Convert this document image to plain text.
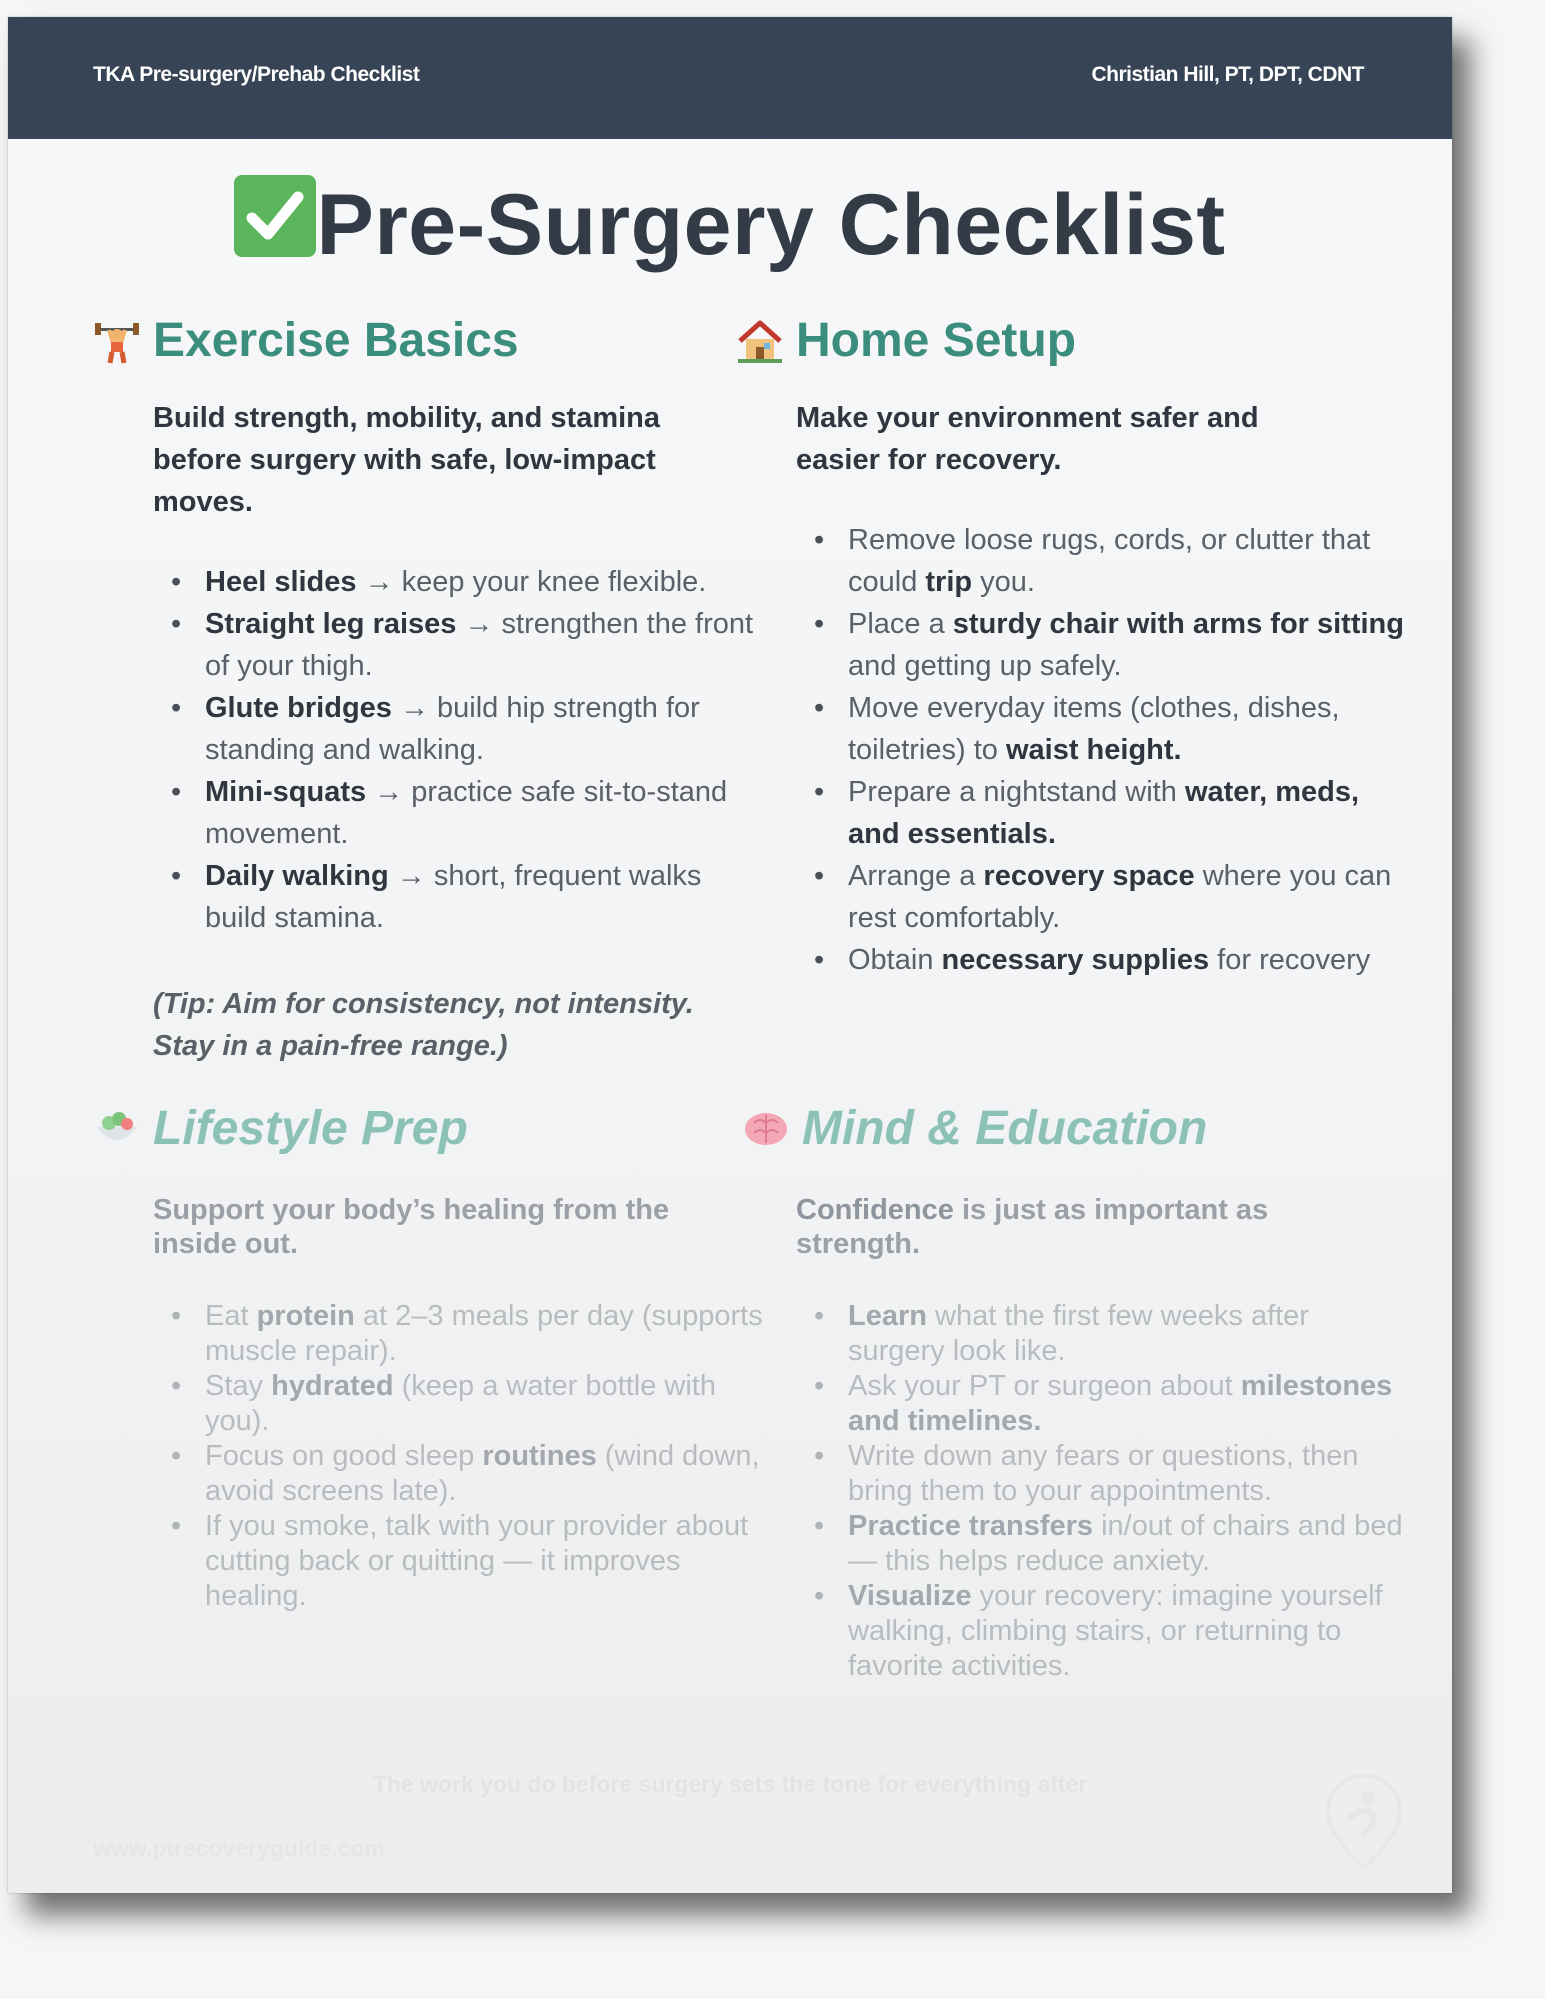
TKA Pre-surgery/Prehab Checklist	Christian Hill, PT, DPT, CDNT
Pre-Surgery Checklist
Exercise Basics

Build strength, mobility, and stamina before surgery with safe, low-impact moves.

• Heel slides → keep your knee flexible.
• Straight leg raises → strengthen the front of your thigh.
• Glute bridges → build hip strength for standing and walking.
• Mini-squats → practice safe sit-to-stand movement.
• Daily walking → short, frequent walks build stamina.

(Tip: Aim for consistency, not intensity. Stay in a pain-free range.)

Home Setup

Make your environment safer and easier for recovery.

• Remove loose rugs, cords, or clutter that could trip you.
• Place a sturdy chair with arms for sitting and getting up safely.
• Move everyday items (clothes, dishes, toiletries) to waist height.
• Prepare a nightstand with water, meds, and essentials.
• Arrange a recovery space where you can rest comfortably.
• Obtain necessary supplies for recovery
Lifestyle Prep

Support your body’s healing from the inside out.

• Eat protein at 2–3 meals per day (supports muscle repair).
• Stay hydrated (keep a water bottle with you).
• Focus on good sleep routines (wind down, avoid screens late).
• If you smoke, talk with your provider about cutting back or quitting — it improves healing.
Mind & Education

Confidence is just as important as strength.

• Learn what the first few weeks after surgery look like.
• Ask your PT or surgeon about milestones and timelines.
• Write down any fears or questions, then bring them to your appointments.
• Practice transfers in/out of chairs and bed — this helps reduce anxiety.
• Visualize your recovery: imagine yourself walking, climbing stairs, or returning to favorite activities.
The work you do before surgery sets the tone for everything after
www.ptrecoveryguide.com
